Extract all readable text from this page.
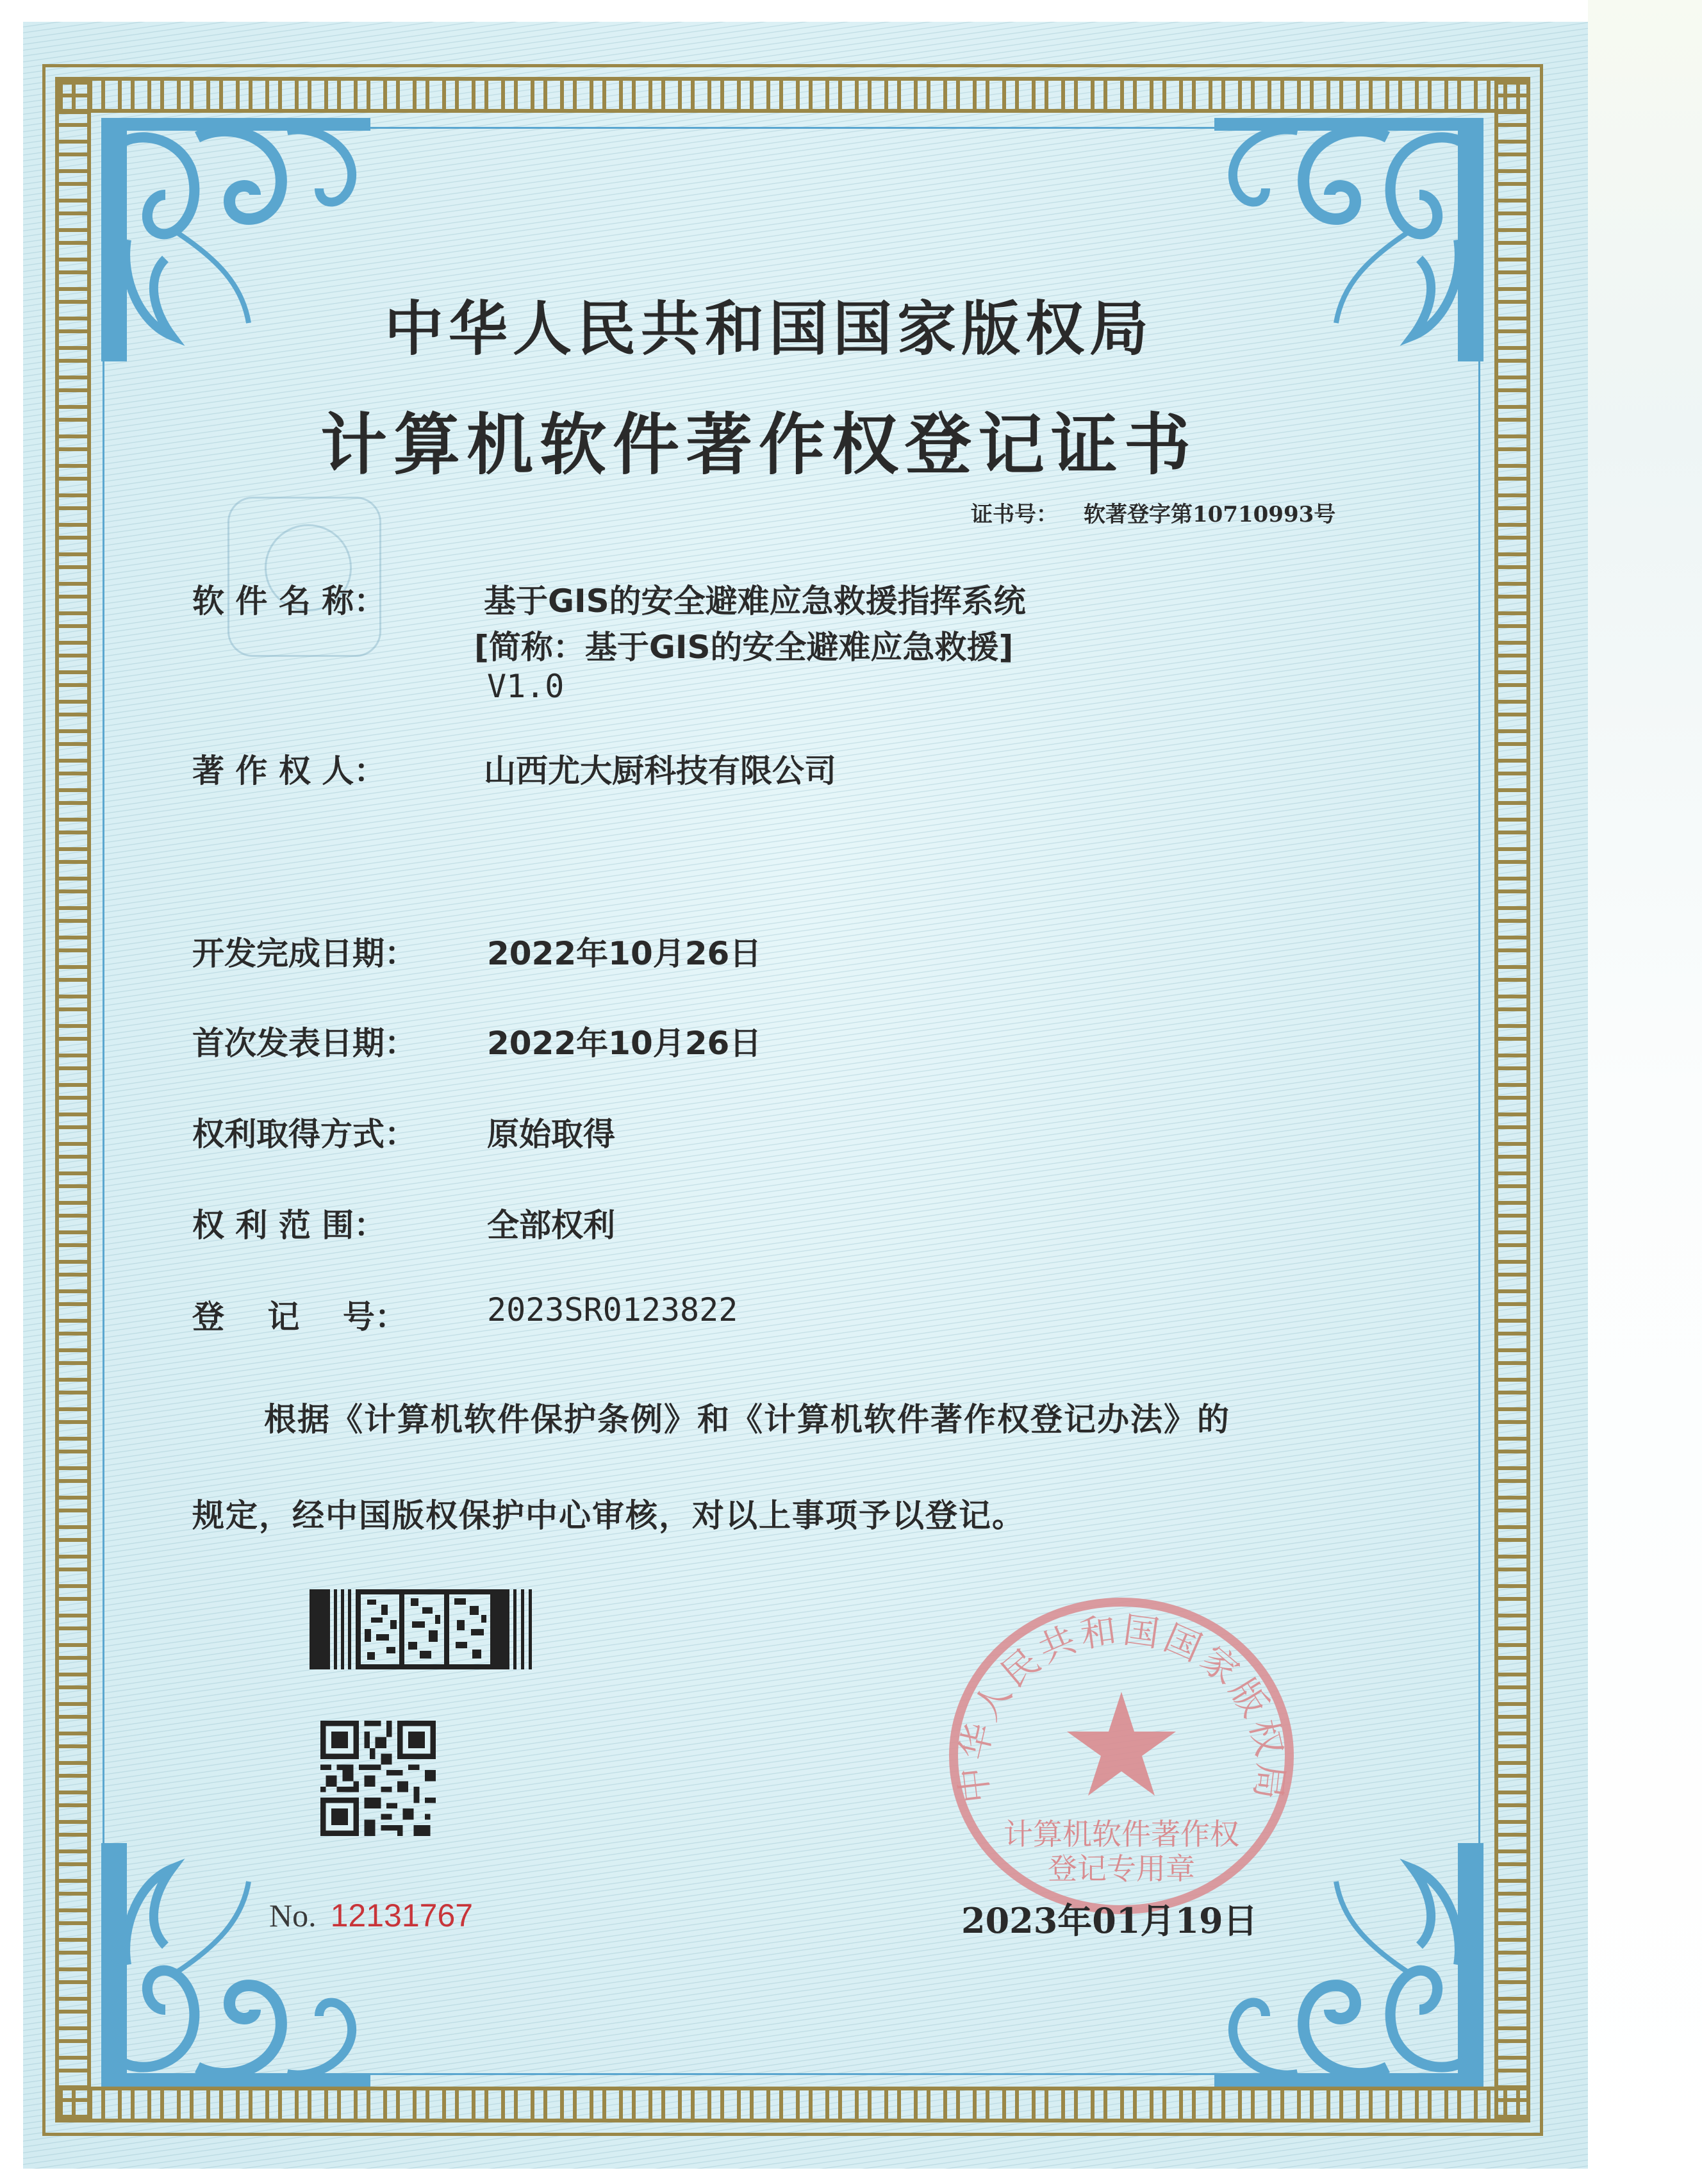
中华人民共和国国家版权局
计算机软件著作权登记证书
证书号： 软著登字第10710993号
软 件 名 称：	基于GIS的安全避难应急救援指挥系统
[简称：基于GIS的安全避难应急救援]
V1.0
著 作 权 人：	山西尤大厨科技有限公司
开发完成日期： 2022年10月26日
首次发表日期： 2022年10月26日
权利取得方式： 原始取得
权 利 范 围：	全部权利
登　 记　 号：	2023SR0123822
根据《计算机软件保护条例》和《计算机软件著作权登记办法》的
规定，经中国版权保护中心审核，对以上事项予以登记。
No. 12131767
中华人民共和国国家版权局
计算机软件著作权
登记专用章
2023年01月19日
